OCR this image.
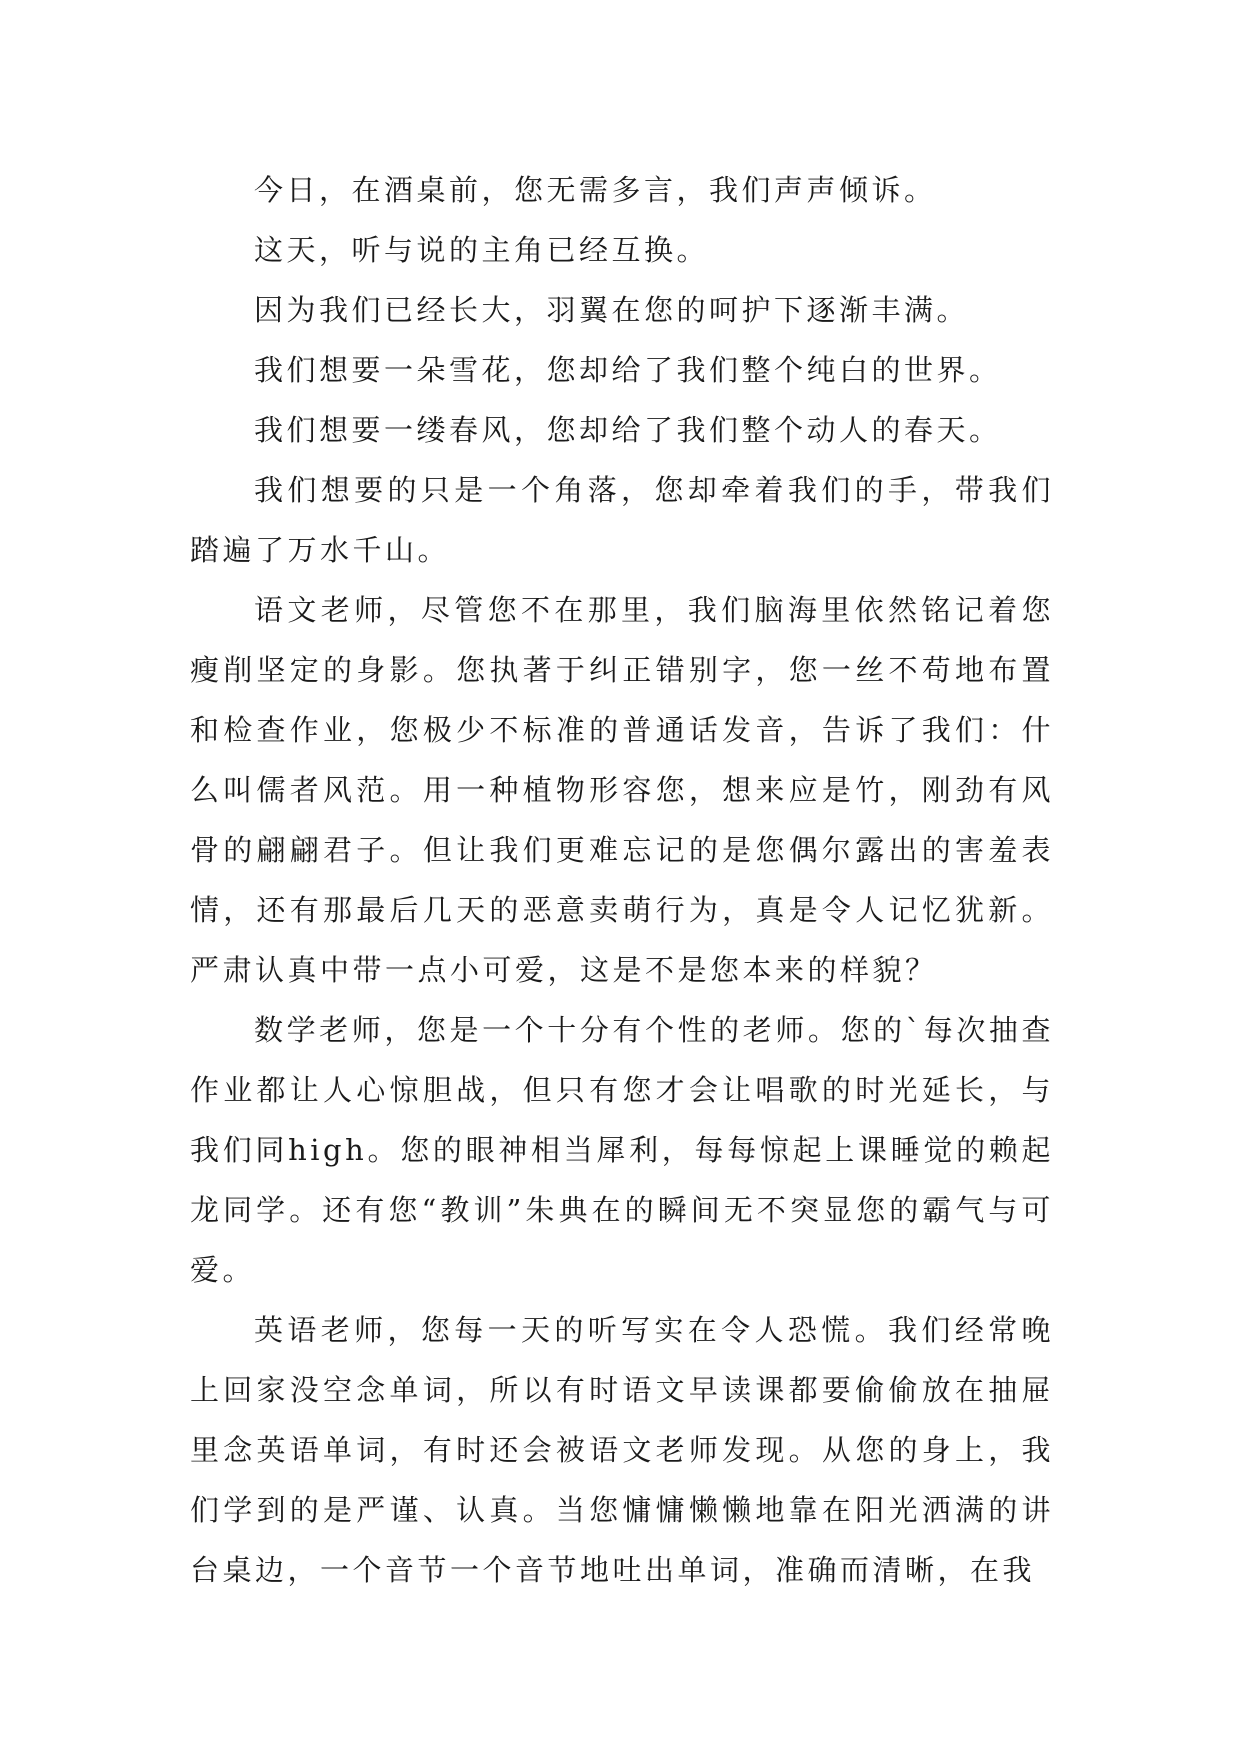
今日，在酒桌前，您无需多言，我们声声倾诉。

这天，听与说的主角已经互换。

因为我们已经长大，羽翼在您的呵护下逐渐丰满。

我们想要一朵雪花，您却给了我们整个纯白的世界。

我们想要一缕春风，您却给了我们整个动人的春天。

我们想要的只是一个角落，您却牵着我们的手，带我们踏遍了万水千山。

语文老师，尽管您不在那里，我们脑海里依然铭记着您瘦削坚定的身影。您执著于纠正错别字，您一丝不苟地布置和检查作业，您极少不标准的普通话发音，告诉了我们：什么叫儒者风范。用一种植物形容您，想来应是竹，刚劲有风骨的翩翩君子。但让我们更难忘记的是您偶尔露出的害羞表情，还有那最后几天的恶意卖萌行为，真是令人记忆犹新。严肃认真中带一点小可爱，这是不是您本来的样貌？

数学老师，您是一个十分有个性的老师。您的`每次抽查作业都让人心惊胆战，但只有您才会让唱歌的时光延长，与我们同high。您的眼神相当犀利，每每惊起上课睡觉的赖起龙同学。还有您“教训”朱典在的瞬间无不突显您的霸气与可爱。

英语老师，您每一天的听写实在令人恐慌。我们经常晚上回家没空念单词，所以有时语文早读课都要偷偷放在抽屉里念英语单词，有时还会被语文老师发现。从您的身上，我们学到的是严谨、认真。当您慵慵懒懒地靠在阳光洒满的讲台桌边，一个音节一个音节地吐出单词，准确而清晰，在我
